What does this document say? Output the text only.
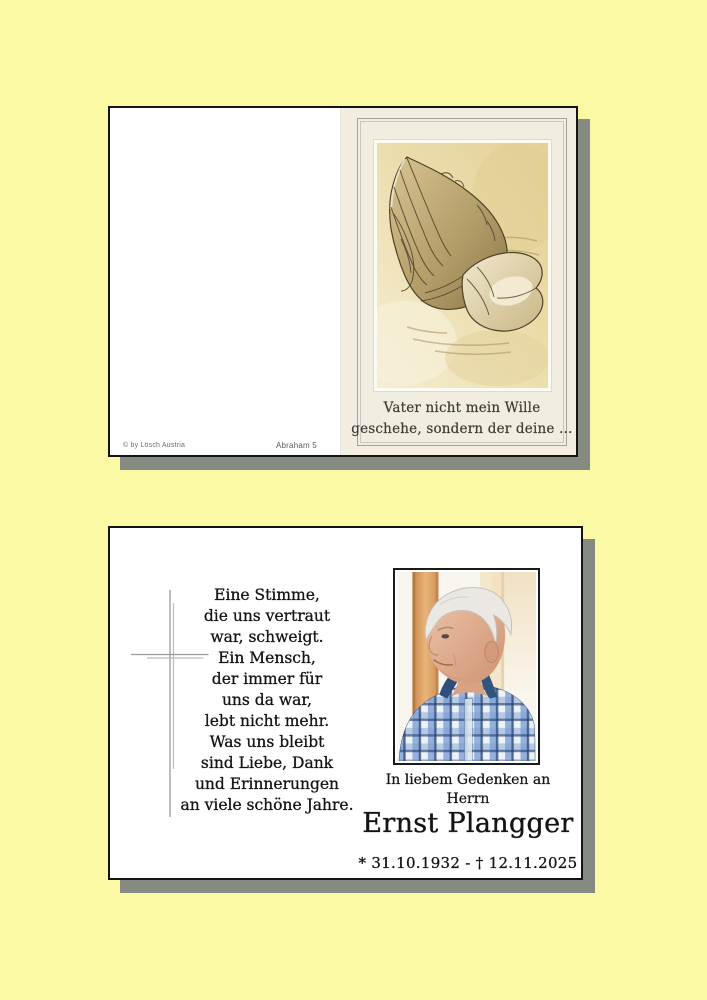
© by Lösch Austria	Abraham 5
Vater nicht mein Wille
geschehe, sondern der deine …
Eine Stimme,
die uns vertraut
war, schweigt.
Ein Mensch,
der immer für
uns da war,
lebt nicht mehr.
Was uns bleibt
sind Liebe, Dank
und Erinnerungen
an viele schöne Jahre.
In liebem Gedenken an
Herrn
Ernst Plangger
* 31.10.1932 - † 12.11.2025
